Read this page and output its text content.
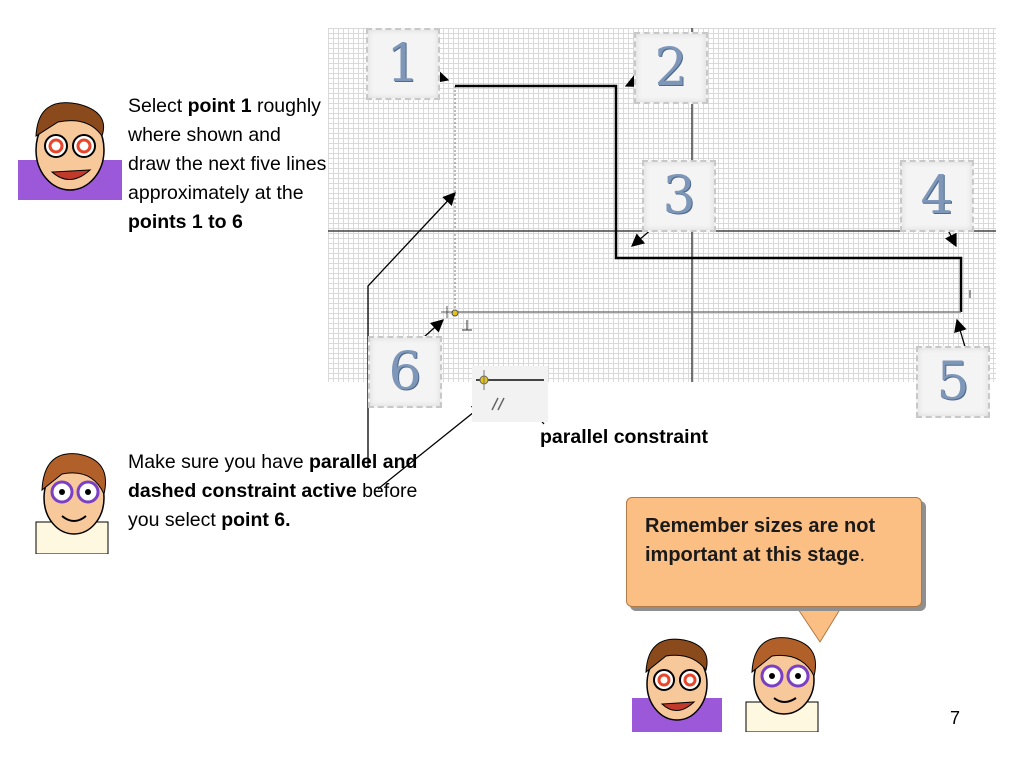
1	2
3	4
5
6
Select point 1 roughly where shown and draw the next five lines approximately at the points 1 to 6
Make sure you have parallel and dashed constraint active before you select point 6.
parallel constraint
Remember sizes are not important at this stage.
7
